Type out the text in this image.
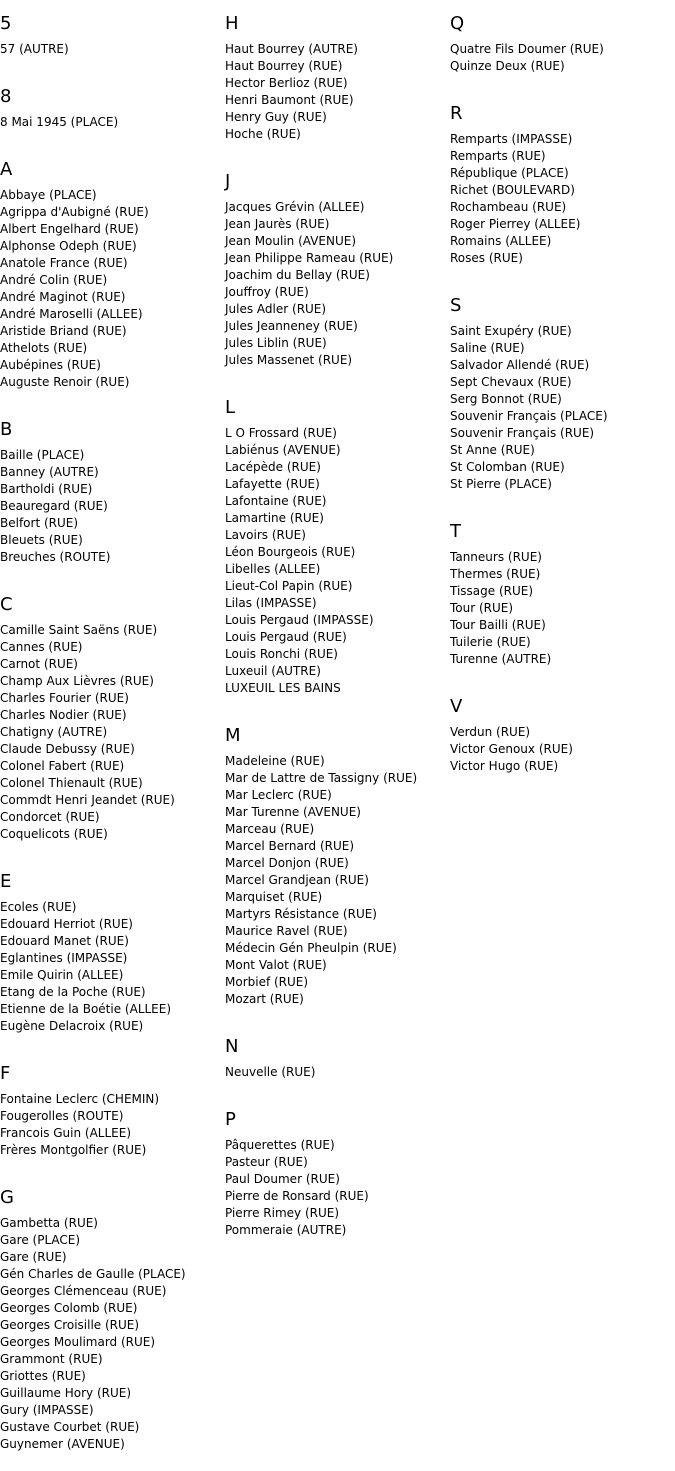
5
57 (AUTRE)
8
8 Mai 1945 (PLACE)
A
Abbaye (PLACE)
Agrippa d'Aubigné (RUE)
Albert Engelhard (RUE)
Alphonse Odeph (RUE)
Anatole France (RUE)
André Colin (RUE)
André Maginot (RUE)
André Maroselli (ALLEE)
Aristide Briand (RUE)
Athelots (RUE)
Aubépines (RUE)
Auguste Renoir (RUE)
B
Baille (PLACE)
Banney (AUTRE)
Bartholdi (RUE)
Beauregard (RUE)
Belfort (RUE)
Bleuets (RUE)
Breuches (ROUTE)
C
Camille Saint Saëns (RUE)
Cannes (RUE)
Carnot (RUE)
Champ Aux Lièvres (RUE)
Charles Fourier (RUE)
Charles Nodier (RUE)
Chatigny (AUTRE)
Claude Debussy (RUE)
Colonel Fabert (RUE)
Colonel Thienault (RUE)
Commdt Henri Jeandet (RUE)
Condorcet (RUE)
Coquelicots (RUE)
E
Ecoles (RUE)
Edouard Herriot (RUE)
Edouard Manet (RUE)
Eglantines (IMPASSE)
Emile Quirin (ALLEE)
Etang de la Poche (RUE)
Etienne de la Boétie (ALLEE)
Eugène Delacroix (RUE)
F
Fontaine Leclerc (CHEMIN)
Fougerolles (ROUTE)
Francois Guin (ALLEE)
Frères Montgolfier (RUE)
G
Gambetta (RUE)
Gare (PLACE)
Gare (RUE)
Gén Charles de Gaulle (PLACE)
Georges Clémenceau (RUE)
Georges Colomb (RUE)
Georges Croisille (RUE)
Georges Moulimard (RUE)
Grammont (RUE)
Griottes (RUE)
Guillaume Hory (RUE)
Gury (IMPASSE)
Gustave Courbet (RUE)
Guynemer (AVENUE)
H
Haut Bourrey (AUTRE)
Haut Bourrey (RUE)
Hector Berlioz (RUE)
Henri Baumont (RUE)
Henry Guy (RUE)
Hoche (RUE)
J
Jacques Grévin (ALLEE)
Jean Jaurès (RUE)
Jean Moulin (AVENUE)
Jean Philippe Rameau (RUE)
Joachim du Bellay (RUE)
Jouffroy (RUE)
Jules Adler (RUE)
Jules Jeanneney (RUE)
Jules Liblin (RUE)
Jules Massenet (RUE)
L
L O Frossard (RUE)
Labiénus (AVENUE)
Lacépède (RUE)
Lafayette (RUE)
Lafontaine (RUE)
Lamartine (RUE)
Lavoirs (RUE)
Léon Bourgeois (RUE)
Libelles (ALLEE)
Lieut-Col Papin (RUE)
Lilas (IMPASSE)
Louis Pergaud (IMPASSE)
Louis Pergaud (RUE)
Louis Ronchi (RUE)
Luxeuil (AUTRE)
LUXEUIL LES BAINS
M
Madeleine (RUE)
Mar de Lattre de Tassigny (RUE)
Mar Leclerc (RUE)
Mar Turenne (AVENUE)
Marceau (RUE)
Marcel Bernard (RUE)
Marcel Donjon (RUE)
Marcel Grandjean (RUE)
Marquiset (RUE)
Martyrs Résistance (RUE)
Maurice Ravel (RUE)
Médecin Gén Pheulpin (RUE)
Mont Valot (RUE)
Morbief (RUE)
Mozart (RUE)
N
Neuvelle (RUE)
P
Pâquerettes (RUE)
Pasteur (RUE)
Paul Doumer (RUE)
Pierre de Ronsard (RUE)
Pierre Rimey (RUE)
Pommeraie (AUTRE)
Q
Quatre Fils Doumer (RUE)
Quinze Deux (RUE)
R
Remparts (IMPASSE)
Remparts (RUE)
République (PLACE)
Richet (BOULEVARD)
Rochambeau (RUE)
Roger Pierrey (ALLEE)
Romains (ALLEE)
Roses (RUE)
S
Saint Exupéry (RUE)
Saline (RUE)
Salvador Allendé (RUE)
Sept Chevaux (RUE)
Serg Bonnot (RUE)
Souvenir Français (PLACE)
Souvenir Français (RUE)
St Anne (RUE)
St Colomban (RUE)
St Pierre (PLACE)
T
Tanneurs (RUE)
Thermes (RUE)
Tissage (RUE)
Tour (RUE)
Tour Bailli (RUE)
Tuilerie (RUE)
Turenne (AUTRE)
V
Verdun (RUE)
Victor Genoux (RUE)
Victor Hugo (RUE)
